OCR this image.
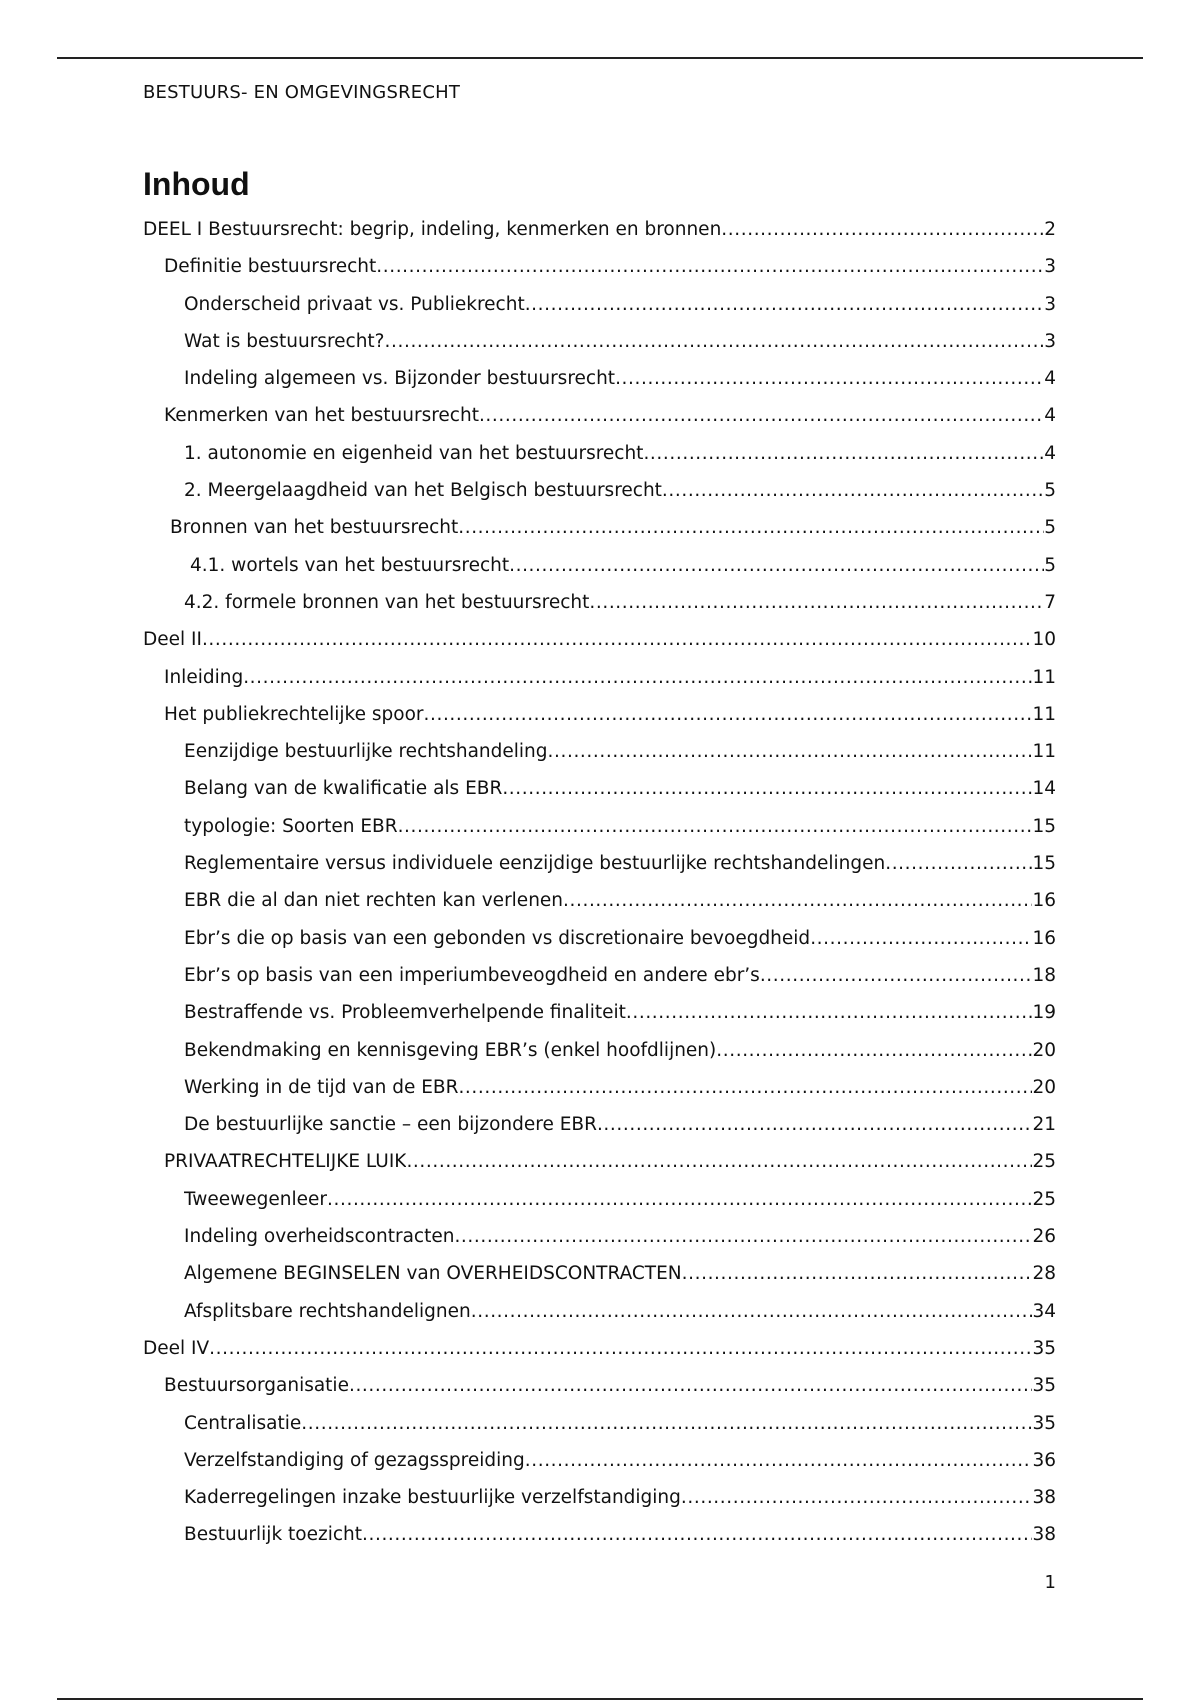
BESTUURS- EN OMGEVINGSRECHT
Inhoud
DEEL I Bestuursrecht: begrip, indeling, kenmerken en bronnen .....	2
Definitie bestuursrecht .....	3
Onderscheid privaat vs. Publiekrecht .....	3
Wat is bestuursrecht? .....	3
Indeling algemeen vs. Bijzonder bestuursrecht .....	4
Kenmerken van het bestuursrecht .....	4
1. autonomie en eigenheid van het bestuursrecht .....	4
2. Meergelaagdheid van het Belgisch bestuursrecht .....	5
Bronnen van het bestuursrecht .....	5
4.1. wortels van het bestuursrecht .....	5
4.2. formele bronnen van het bestuursrecht .....	7
Deel II .....	10
Inleiding .....	11
Het publiekrechtelijke spoor .....	11
Eenzijdige bestuurlijke rechtshandeling .....	11
Belang van de kwalificatie als EBR .....	14
typologie: Soorten EBR .....	15
Reglementaire versus individuele eenzijdige bestuurlijke rechtshandelingen .....	15
EBR die al dan niet rechten kan verlenen .....	16
Ebr’s die op basis van een gebonden vs discretionaire bevoegdheid .....	16
Ebr’s op basis van een imperiumbeveogdheid en andere ebr’s .....	18
Bestraffende vs. Probleemverhelpende finaliteit .....	19
Bekendmaking en kennisgeving EBR’s (enkel hoofdlijnen) .....	20
Werking in de tijd van de EBR .....	20
De bestuurlijke sanctie – een bijzondere EBR .....	21
PRIVAATRECHTELIJKE LUIK .....	25
Tweewegenleer .....	25
Indeling overheidscontracten .....	26
Algemene BEGINSELEN van OVERHEIDSCONTRACTEN .....	28
Afsplitsbare rechtshandelignen .....	34
Deel IV .....	35
Bestuursorganisatie .....	35
Centralisatie .....	35
Verzelfstandiging of gezagsspreiding .....	36
Kaderregelingen inzake bestuurlijke verzelfstandiging .....	38
Bestuurlijk toezicht .....	38
1
